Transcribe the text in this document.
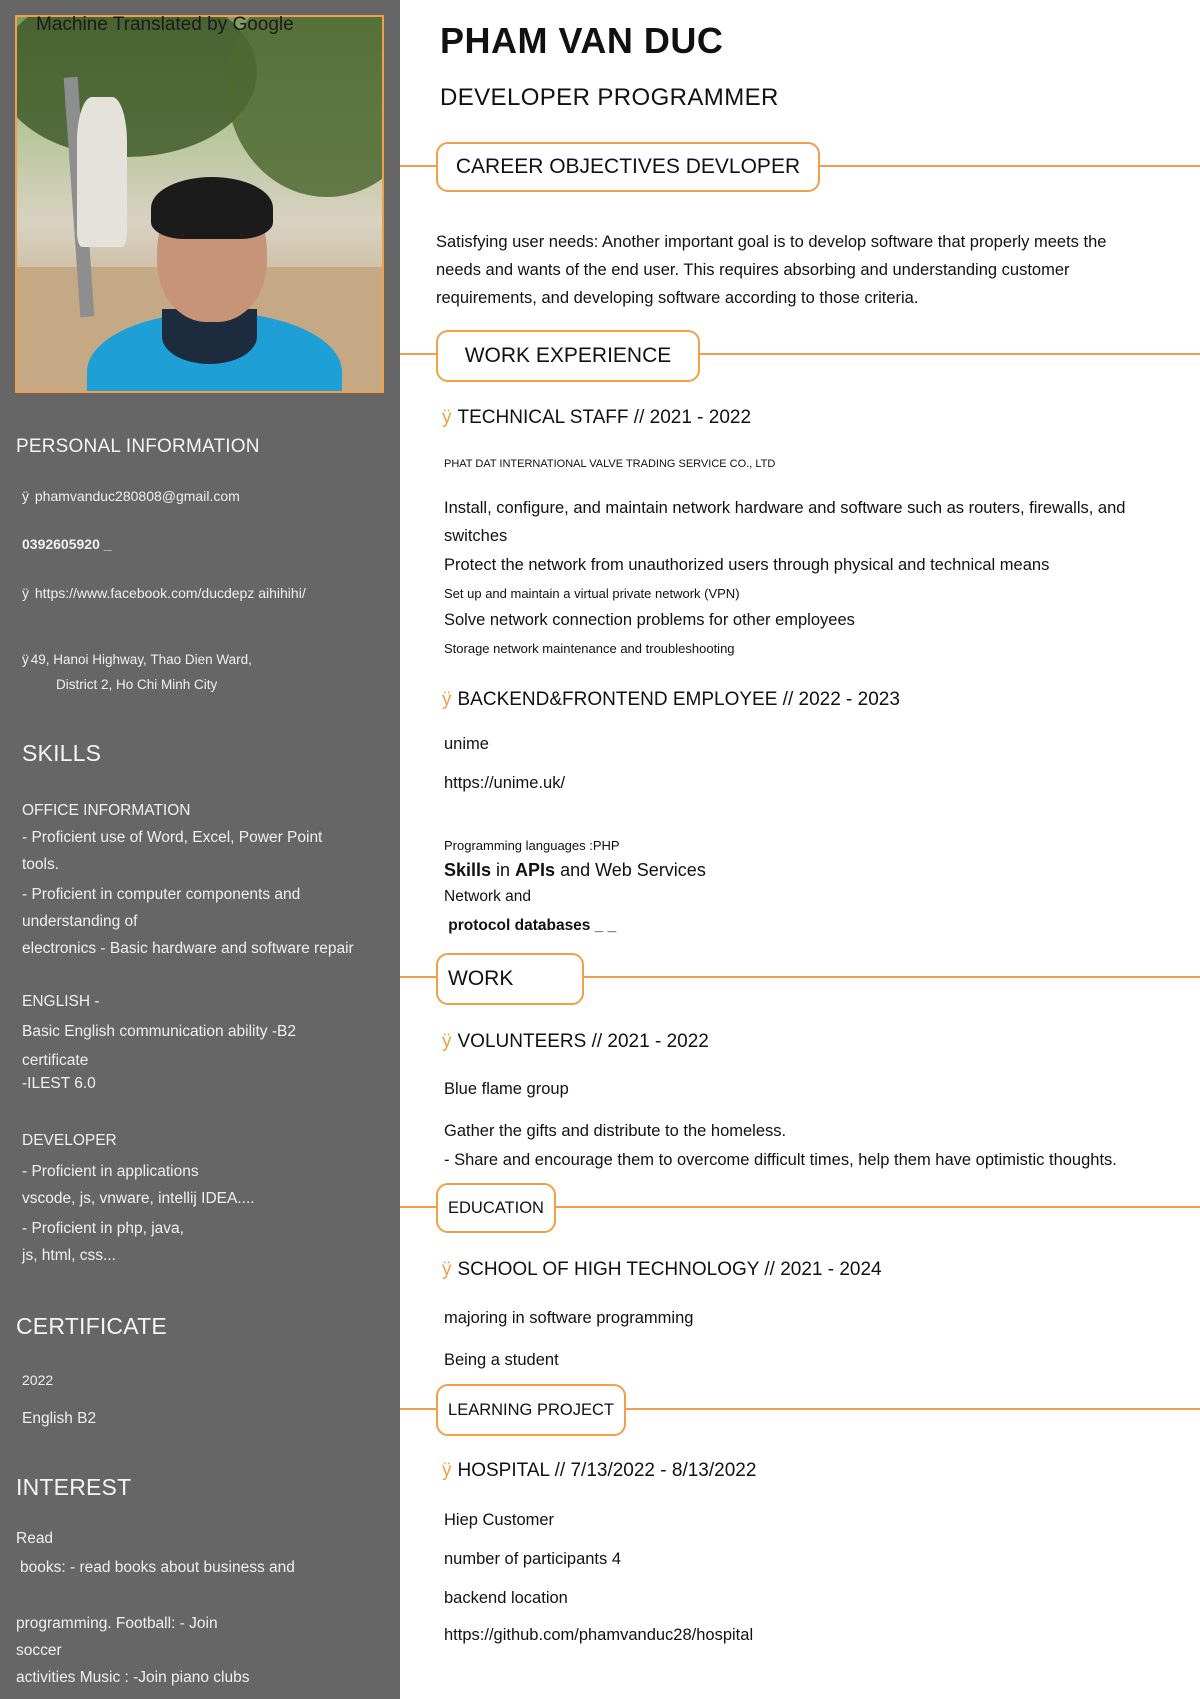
Machine Translated by Google
PERSONAL INFORMATION
ÿ phamvanduc280808@gmail.com
0392605920 _
ÿ https://www.facebook.com/ducdepz aihihihi/
ÿ 49, Hanoi Highway, Thao Dien Ward,
District 2, Ho Chi Minh City
SKILLS
OFFICE INFORMATION
- Proficient use of Word, Excel, Power Point
tools.
- Proficient in computer components and
understanding of
electronics - Basic hardware and software repair
ENGLISH -
Basic English communication ability -B2
certificate
-ILEST 6.0
DEVELOPER
- Proficient in applications
vscode, js, vnware, intellij IDEA....
- Proficient in php, java,
js, html, css...
CERTIFICATE
2022
English B2
INTEREST
Read
books: - read books about business and
programming. Football: - Join
soccer
activities Music : -Join piano clubs
PHAM VAN DUC
DEVELOPER PROGRAMMER
CAREER OBJECTIVES DEVLOPER
Satisfying user needs: Another important goal is to develop software that properly meets the
needs and wants of the end user. This requires absorbing and understanding customer
requirements, and developing software according to those criteria.
WORK EXPERIENCE
ÿ TECHNICAL STAFF // 2021 - 2022
PHAT DAT INTERNATIONAL VALVE TRADING SERVICE CO., LTD
Install, configure, and maintain network hardware and software such as routers, firewalls, and
switches
Protect the network from unauthorized users through physical and technical means
Set up and maintain a virtual private network (VPN)
Solve network connection problems for other employees
Storage network maintenance and troubleshooting
ÿ BACKEND&FRONTEND EMPLOYEE // 2022 - 2023
unime
https://unime.uk/
Programming languages :PHP
Skills in APIs and Web Services
Network and
protocol databases _ _
WORK
ÿ VOLUNTEERS // 2021 - 2022
Blue flame group
Gather the gifts and distribute to the homeless.
- Share and encourage them to overcome difficult times, help them have optimistic thoughts.
EDUCATION
ÿ SCHOOL OF HIGH TECHNOLOGY // 2021 - 2024
majoring in software programming
Being a student
LEARNING PROJECT
ÿ HOSPITAL // 7/13/2022 - 8/13/2022
Hiep Customer
number of participants 4
backend location
https://github.com/phamvanduc28/hospital
